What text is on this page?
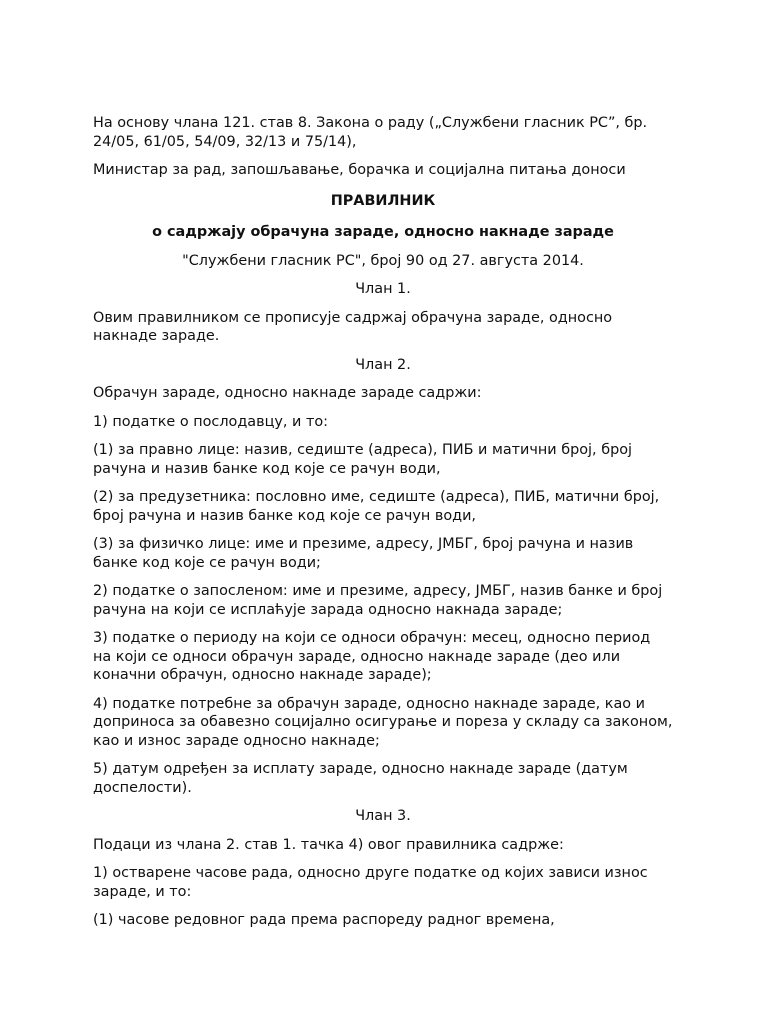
На основу члана 121. став 8. Закона о раду („Службени гласник РС”, бр. 24/05, 61/05, 54/09, 32/13 и 75/14),

Министар за рад, запошљавање, борачка и социјална питања доноси

ПРАВИЛНИК

о садржају обрачуна зараде, односно накнаде зараде

"Службени гласник РС", број 90 од 27. августа 2014.

Члан 1.

Овим правилником се прописује садржај обрачуна зараде, односно накнаде зараде.

Члан 2.

Обрачун зараде, односно накнаде зараде садржи:

1) податке о послодавцу, и то:

(1) за правно лице: назив, седиште (адреса), ПИБ и матични број, број рачуна и назив банке код које се рачун води,

(2) за предузетника: пословно име, седиште (адреса), ПИБ, матични број, број рачуна и назив банке код које се рачун води,

(3) за физичко лице: име и презиме, адресу, ЈМБГ, број рачуна и назив банке код које се рачун води;

2) податке о запосленом: име и презиме, адресу, ЈМБГ, назив банке и број рачуна на који се исплаћује зарада односно накнада зараде;

3) податке о периоду на који се односи обрачун: месец, односно период на који се односи обрачун зараде, односно накнаде зараде (део или коначни обрачун, односно накнаде зараде);

4) податке потребне за обрачун зараде, односно накнаде зараде, као и доприноса за обавезно социјално осигурање и пореза у складу са законом, као и износ зараде односно накнаде;

5) датум одређен за исплату зараде, односно накнаде зараде (датум доспелости).

Члан 3.

Подаци из члана 2. став 1. тачка 4) овог правилника садрже:

1) остварене часове рада, односно друге податке од којих зависи износ зараде, и то:

(1) часове редовног рада према распореду радног времена,
